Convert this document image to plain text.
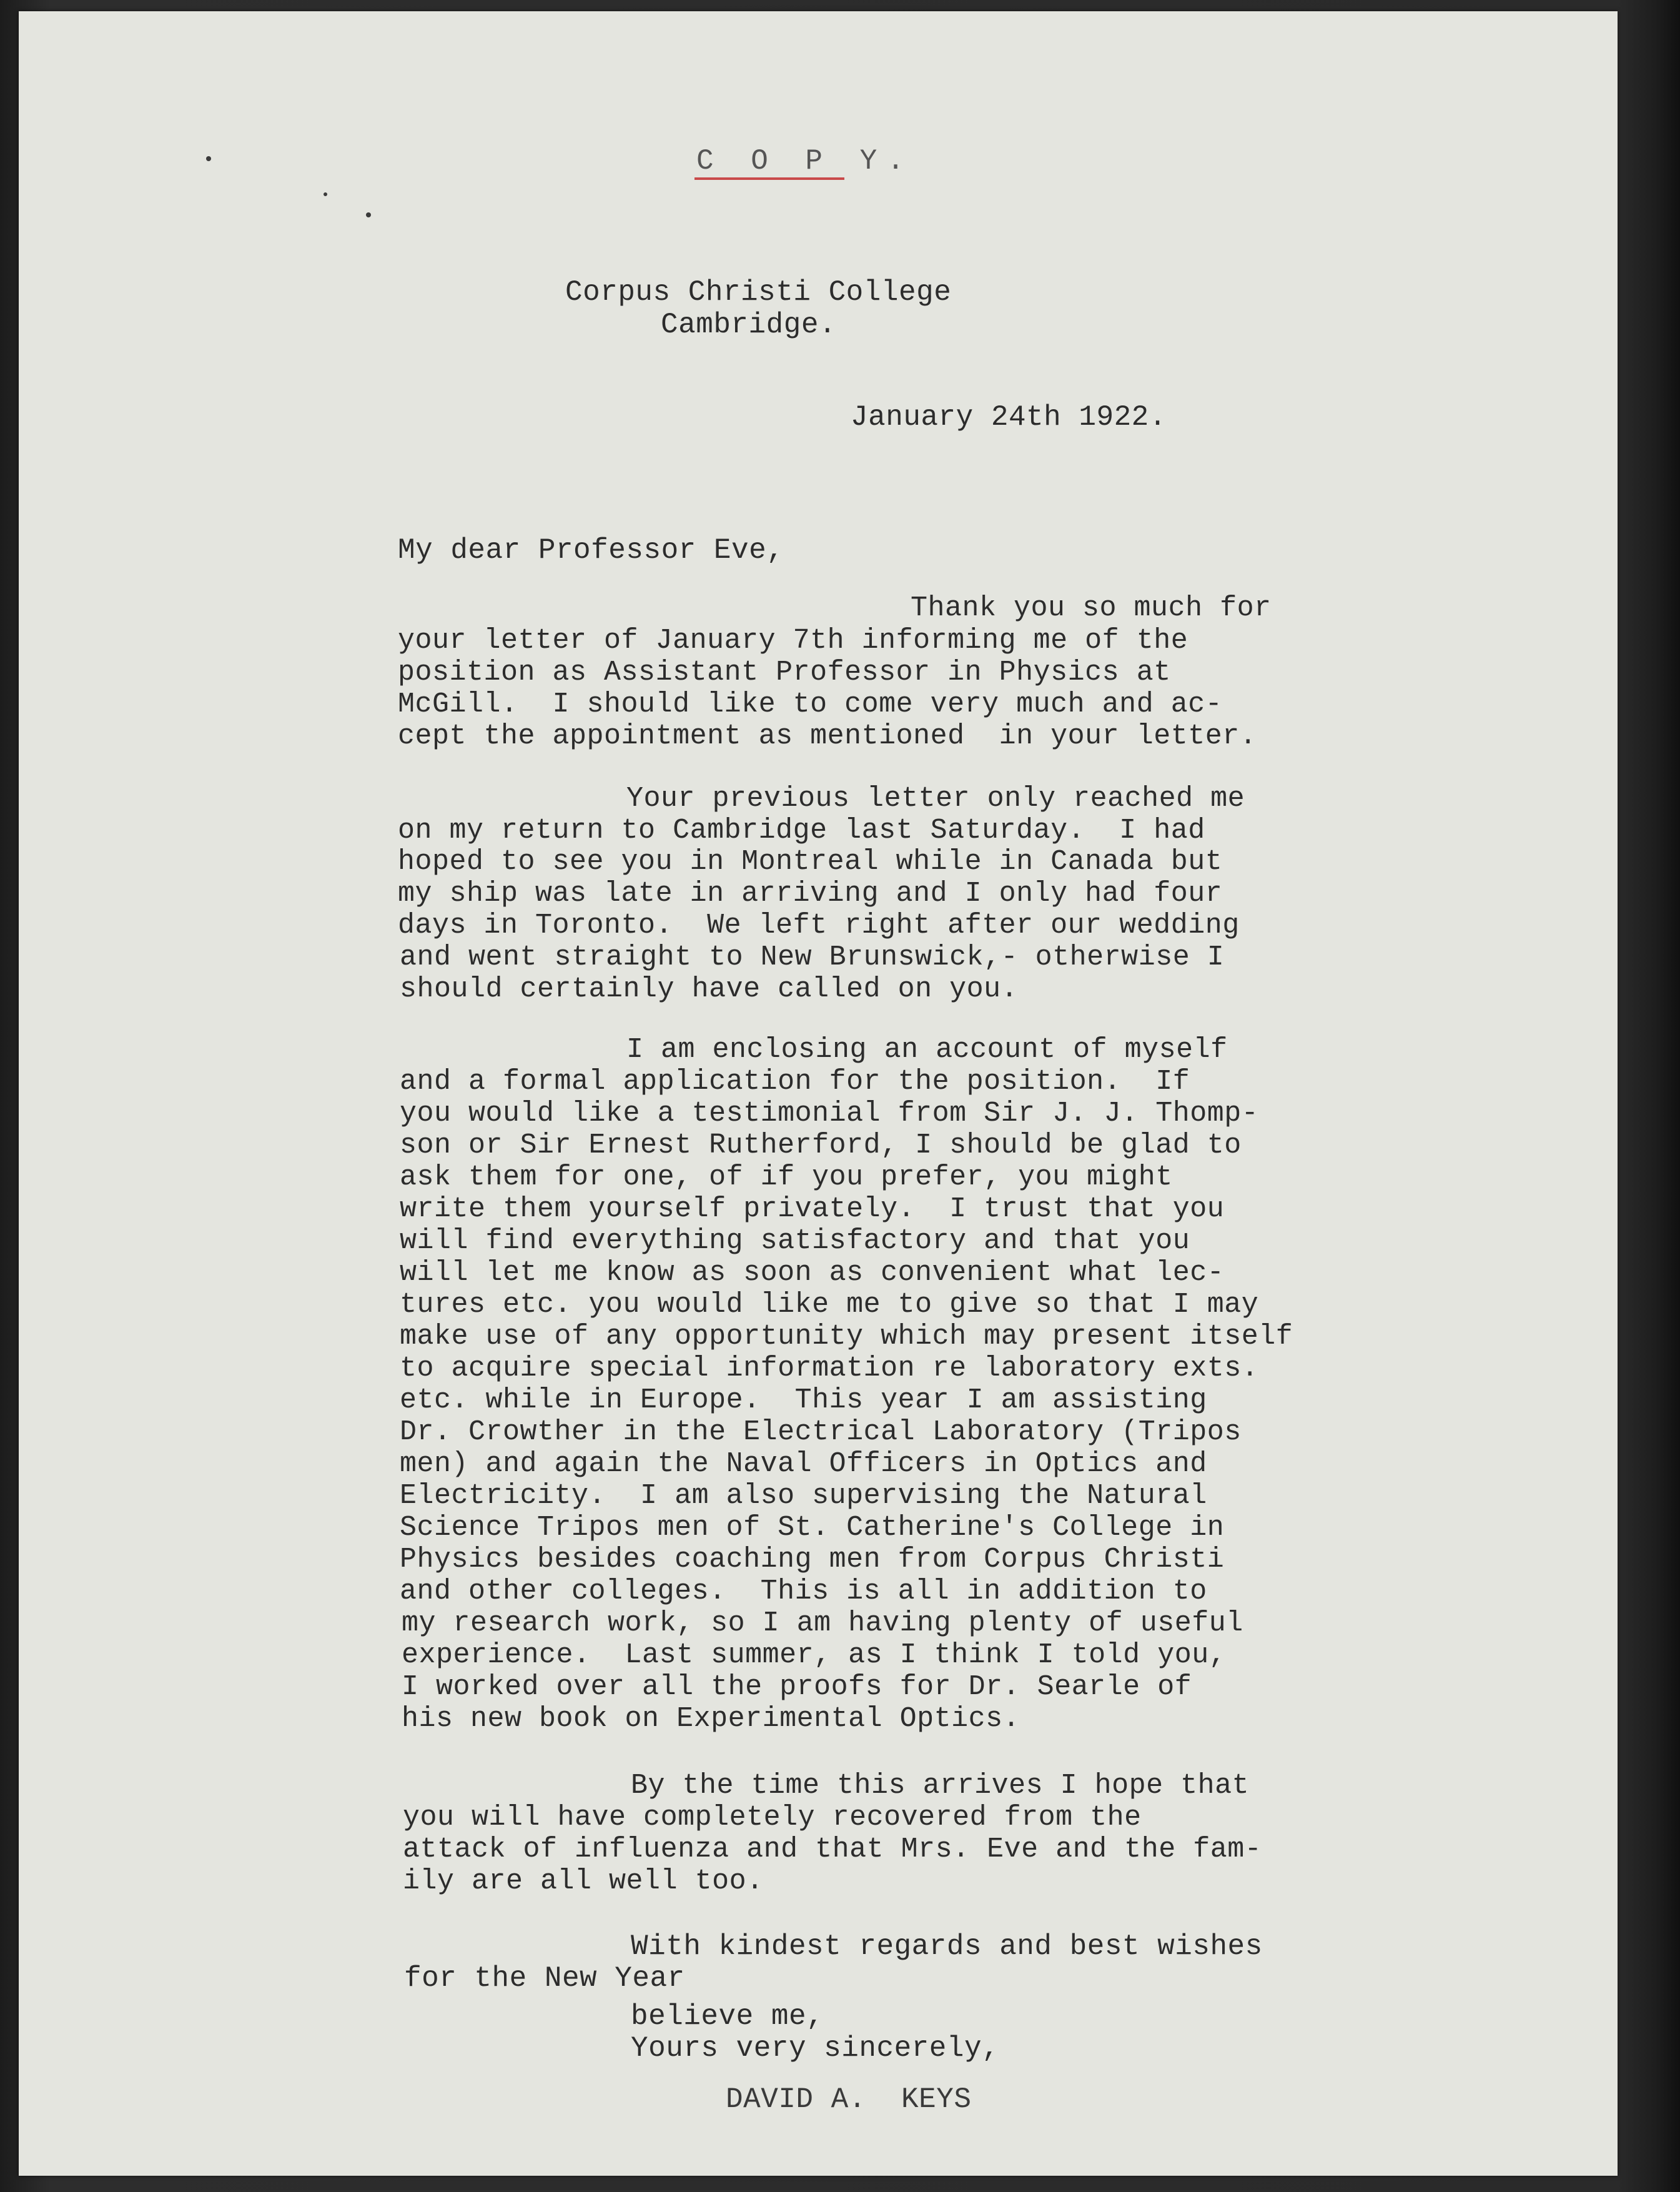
C O P Y.
Corpus Christi College
Cambridge.
January 24th 1922.
My dear Professor Eve,
Thank you so much for
your letter of January 7th informing me of the
position as Assistant Professor in Physics at
McGill.  I should like to come very much and ac-
cept the appointment as mentioned  in your letter.
Your previous letter only reached me
on my return to Cambridge last Saturday.  I had
hoped to see you in Montreal while in Canada but
my ship was late in arriving and I only had four
days in Toronto.  We left right after our wedding
and went straight to New Brunswick,- otherwise I
should certainly have called on you.
I am enclosing an account of myself
and a formal application for the position.  If
you would like a testimonial from Sir J. J. Thomp-
son or Sir Ernest Rutherford, I should be glad to
ask them for one, of if you prefer, you might
write them yourself privately.  I trust that you
will find everything satisfactory and that you
will let me know as soon as convenient what lec-
tures etc. you would like me to give so that I may
make use of any opportunity which may present itself
to acquire special information re laboratory exts.
etc. while in Europe.  This year I am assisting
Dr. Crowther in the Electrical Laboratory (Tripos
men) and again the Naval Officers in Optics and
Electricity.  I am also supervising the Natural
Science Tripos men of St. Catherine's College in
Physics besides coaching men from Corpus Christi
and other colleges.  This is all in addition to
my research work, so I am having plenty of useful
experience.  Last summer, as I think I told you,
I worked over all the proofs for Dr. Searle of
his new book on Experimental Optics.
By the time this arrives I hope that
you will have completely recovered from the
attack of influenza and that Mrs. Eve and the fam-
ily are all well too.
With kindest regards and best wishes
for the New Year
believe me,
Yours very sincerely,
DAVID A.  KEYS
